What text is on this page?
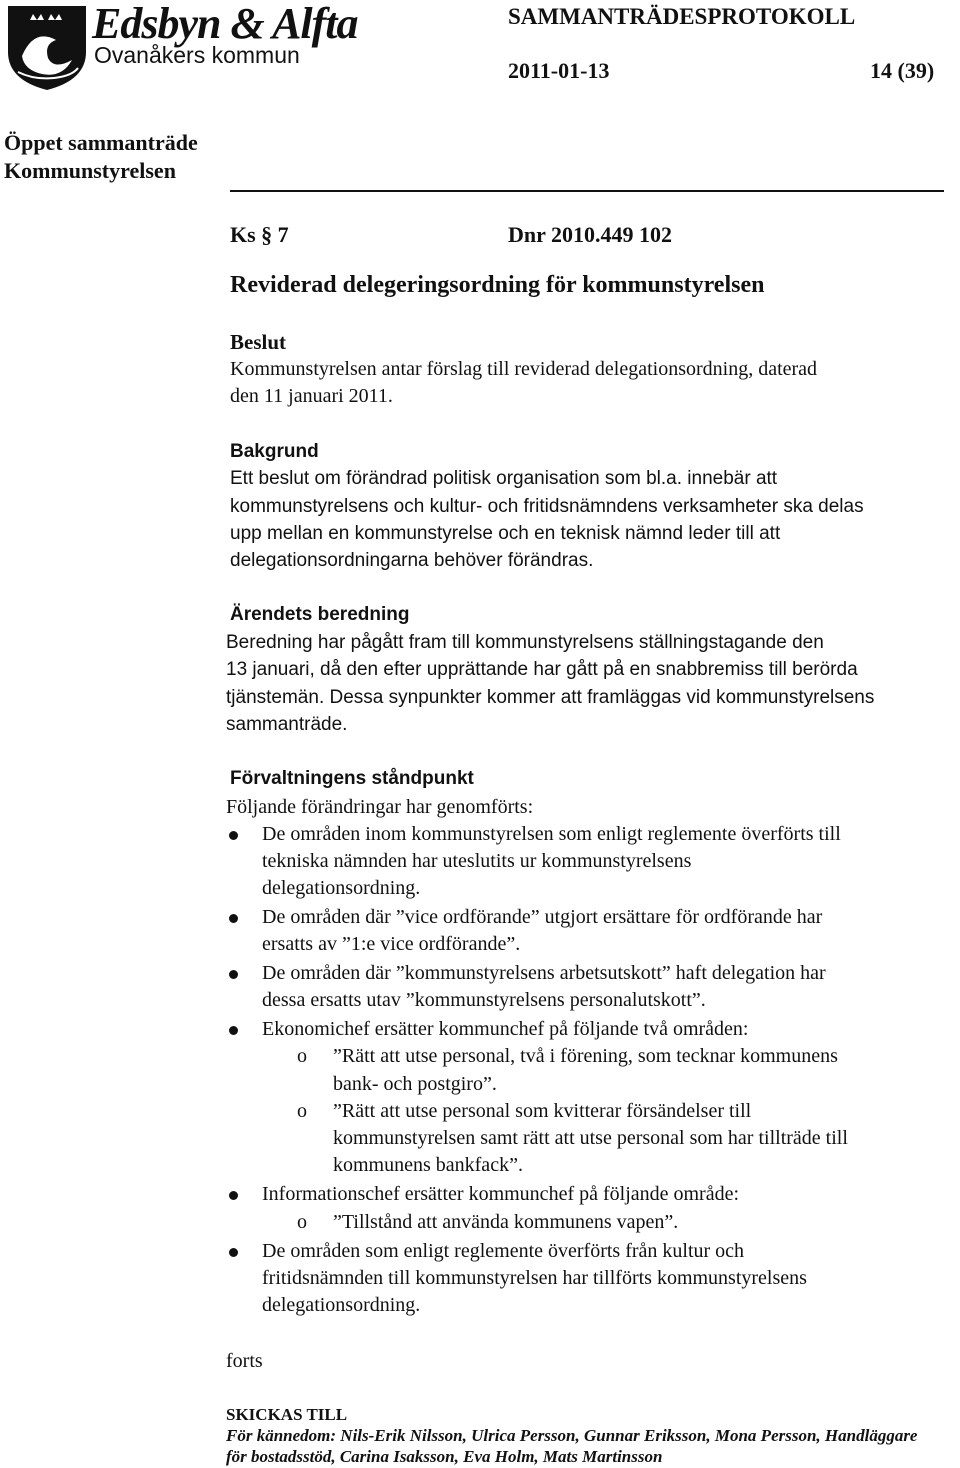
Edsbyn & Alfta
Ovanåkers kommun
SAMMANTRÄDESPROTOKOLL
2011-01-13	14 (39)
Öppet sammanträde
Kommunstyrelsen
Ks § 7	Dnr 2010.449 102
Reviderad delegeringsordning för kommunstyrelsen
Beslut
Kommunstyrelsen antar förslag till reviderad delegationsordning, daterad
den 11 januari 2011.
Bakgrund
Ett beslut om förändrad politisk organisation som bl.a. innebär att
kommunstyrelsens och kultur- och fritidsnämndens verksamheter ska delas
upp mellan en kommunstyrelse och en teknisk nämnd leder till att
delegationsordningarna behöver förändras.
Ärendets beredning
Beredning har pågått fram till kommunstyrelsens ställningstagande den
13 januari, då den efter upprättande har gått på en snabbremiss till berörda
tjänstemän. Dessa synpunkter kommer att framläggas vid kommunstyrelsens
sammanträde.
Förvaltningens ståndpunkt
Följande förändringar har genomförts:
De områden inom kommunstyrelsen som enligt reglemente överförts till
tekniska nämnden har uteslutits ur kommunstyrelsens
delegationsordning.
De områden där ”vice ordförande” utgjort ersättare för ordförande har
ersatts av ”1:e vice ordförande”.
De områden där ”kommunstyrelsens arbetsutskott” haft delegation har
dessa ersatts utav ”kommunstyrelsens personalutskott”.
Ekonomichef ersätter kommunchef på följande två områden:
o ”Rätt att utse personal, två i förening, som tecknar kommunens
bank- och postgiro”.
o ”Rätt att utse personal som kvitterar försändelser till
kommunstyrelsen samt rätt att utse personal som har tillträde till
kommunens bankfack”.
Informationschef ersätter kommunchef på följande område:
o ”Tillstånd att använda kommunens vapen”.
De områden som enligt reglemente överförts från kultur och
fritidsnämnden till kommunstyrelsen har tillförts kommunstyrelsens
delegationsordning.
forts
SKICKAS TILL
För kännedom: Nils-Erik Nilsson, Ulrica Persson, Gunnar Eriksson, Mona Persson, Handläggare
för bostadsstöd, Carina Isaksson, Eva Holm, Mats Martinsson
